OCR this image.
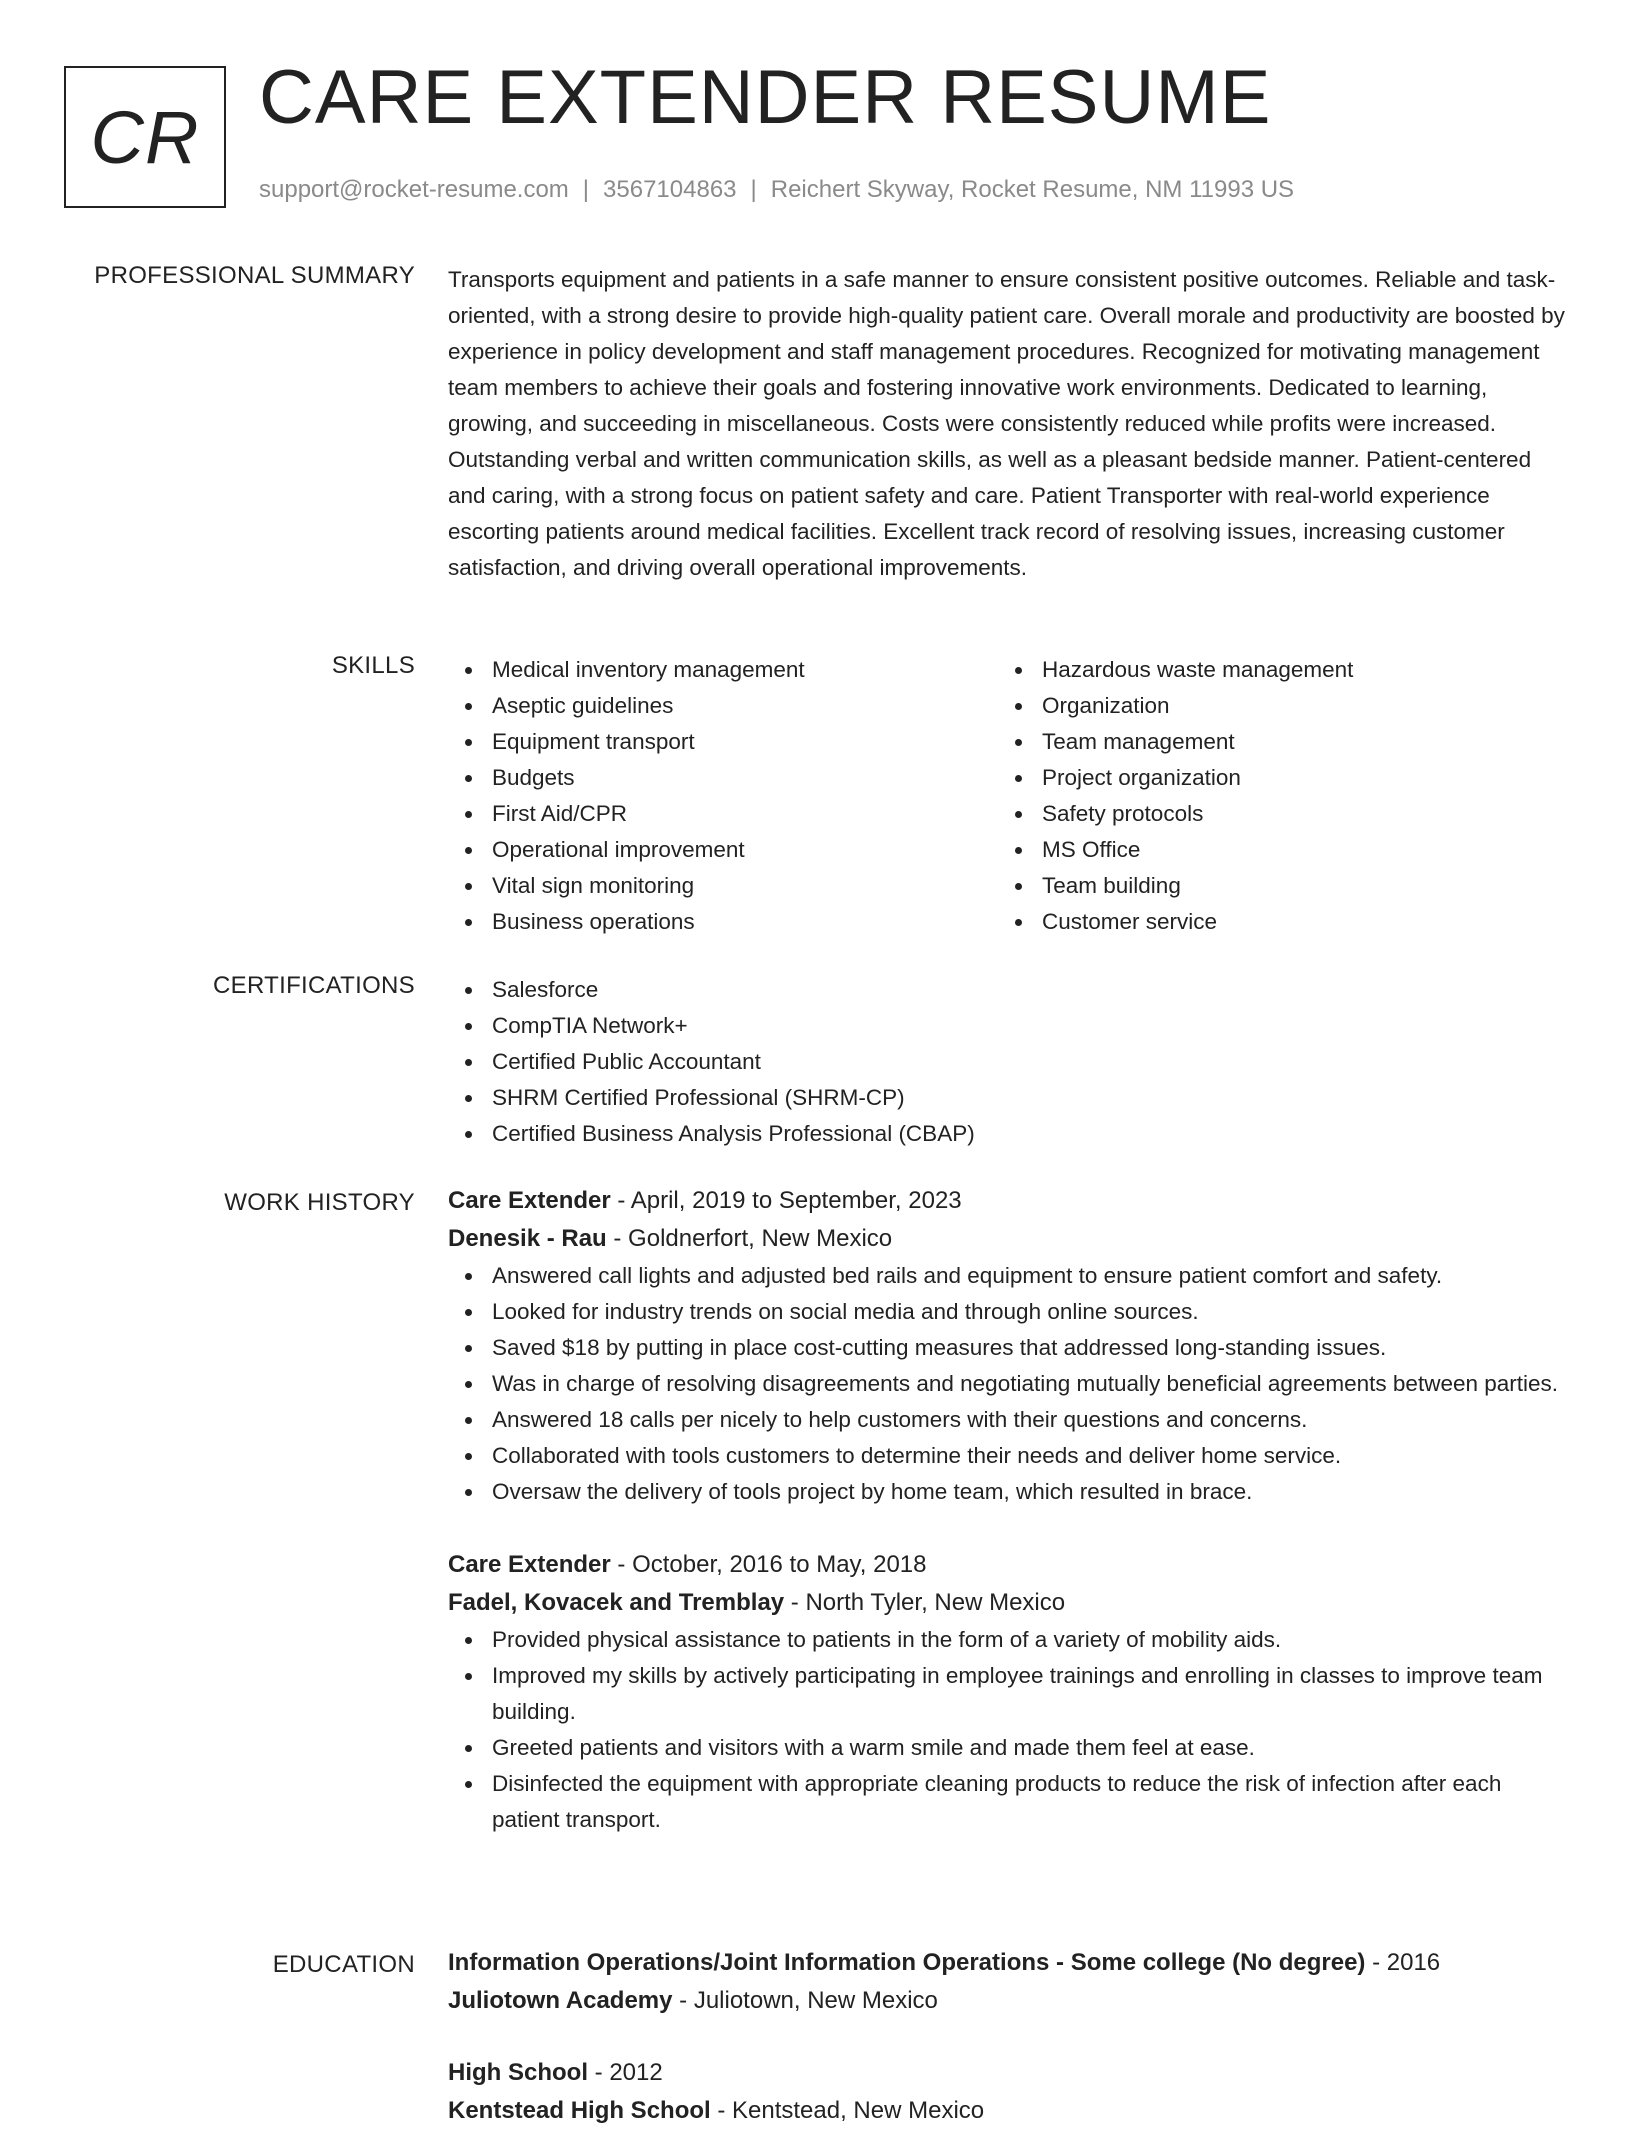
CR CARE EXTENDER RESUME
support@rocket-resume.com | 3567104863 | Reichert Skyway, Rocket Resume, NM 11993 US
PROFESSIONAL SUMMARY Transports equipment and patients in a safe manner to ensure consistent positive outcomes. Reliable and task-oriented, with a strong desire to provide high-quality patient care. Overall morale and productivity are boosted by experience in policy development and staff management procedures. Recognized for motivating management team members to achieve their goals and fostering innovative work environments. Dedicated to learning, growing, and succeeding in miscellaneous. Costs were consistently reduced while profits were increased. Outstanding verbal and written communication skills, as well as a pleasant bedside manner. Patient-centered and caring, with a strong focus on patient safety and care. Patient Transporter with real-world experience escorting patients around medical facilities. Excellent track record of resolving issues, increasing customer satisfaction, and driving overall operational improvements.

SKILLS	Medical inventory management
Aseptic guidelines
Equipment transport
Budgets
First Aid/CPR
Operational improvement
Vital sign monitoring
Business operations
Hazardous waste management
Organization
Team management
Project organization
Safety protocols
MS Office
Team building
Customer service
CERTIFICATIONS	Salesforce
CompTIA Network+
Certified Public Accountant
SHRM Certified Professional (SHRM-CP)
Certified Business Analysis Professional (CBAP)
WORK HISTORY Care Extender - April, 2019 to September, 2023
Denesik - Rau - Goldnerfort, New Mexico
Answered call lights and adjusted bed rails and equipment to ensure patient comfort and safety.
Looked for industry trends on social media and through online sources.
Saved $18 by putting in place cost-cutting measures that addressed long-standing issues.
Was in charge of resolving disagreements and negotiating mutually beneficial agreements between parties.
Answered 18 calls per nicely to help customers with their questions and concerns.
Collaborated with tools customers to determine their needs and deliver home service.
Oversaw the delivery of tools project by home team, which resulted in brace.
Care Extender - October, 2016 to May, 2018
Fadel, Kovacek and Tremblay - North Tyler, New Mexico
Provided physical assistance to patients in the form of a variety of mobility aids.
Improved my skills by actively participating in employee trainings and enrolling in classes to improve team building.
Greeted patients and visitors with a warm smile and made them feel at ease.
Disinfected the equipment with appropriate cleaning products to reduce the risk of infection after each patient transport.
EDUCATION Information Operations/Joint Information Operations - Some college (No degree) - 2016
Juliotown Academy - Juliotown, New Mexico
High School - 2012
Kentstead High School - Kentstead, New Mexico
